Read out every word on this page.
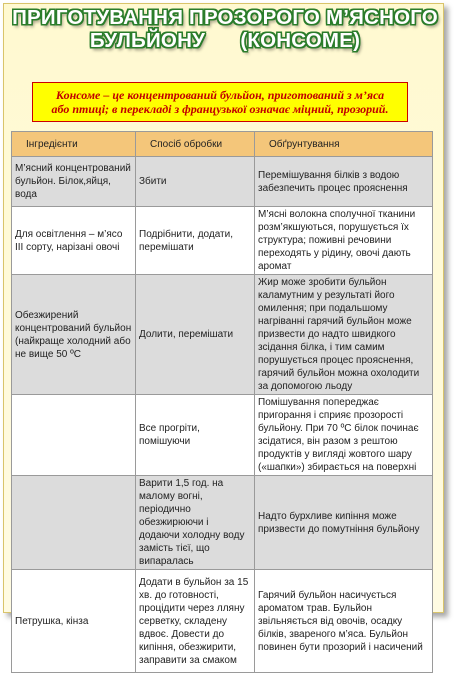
ПРИГОТУВАННЯ ПРОЗОРОГО М’ЯСНОГО
БУЛЬЙОНУ      (КОНСОМЕ)
Консоме – це концентрований бульйон, приготований з м’яса
або птиці; в перекладі з французької означає міцний, прозорий.
Інгредієнти	Спосіб обробки	Обґрунтування
М’ясний концентрований бульйон. Білок,яйця, вода	Збити	Перемішування білків з водою забезпечить процес прояснення
Для освітлення – м’ясо ІІІ сорту, нарізані овочі	Подрібнити, додати, перемішати	М’ясні волокна сполучної тканини розм’якшуються, порушується їх структура; поживні речовини переходять у рідину, овочі дають аромат
Обезжирений концентрований бульйон (найкраще холодний або не вище 50 ºС	Долити, перемішати	Жир може зробити бульйон каламутним у результаті його омилення; при подальшому нагріванні гарячий бульйон може призвести до надто швидкого зсідання білка, і тим самим порушується процес прояснення, гарячий бульйон можна охолодити за допомогою льоду
	Все прогріти, помішуючи	Помішування попереджає пригорання і сприяє прозорості бульйону. При 70 ºС білок починає зсідатися, він разом з рештою продуктів у вигляді жовтого шару («шапки») збирається на поверхні
	Варити 1,5 год. на малому вогні, періодично обезжирюючи і додаючи холодну воду замість тієї, що випаралась	Надто бурхливе кипіння може призвести до помутніння бульйону
Петрушка, кінза	Додати в бульйон за 15 хв. до готовності, процідити через лляну серветку, складену вдвоє. Довести до кипіння, обезжирити, заправити за смаком	Гарячий бульйон насичується ароматом трав. Бульйон звільняється від овочів, осадку білків, звареного м’яса. Бульйон повинен бути прозорий і насичений
